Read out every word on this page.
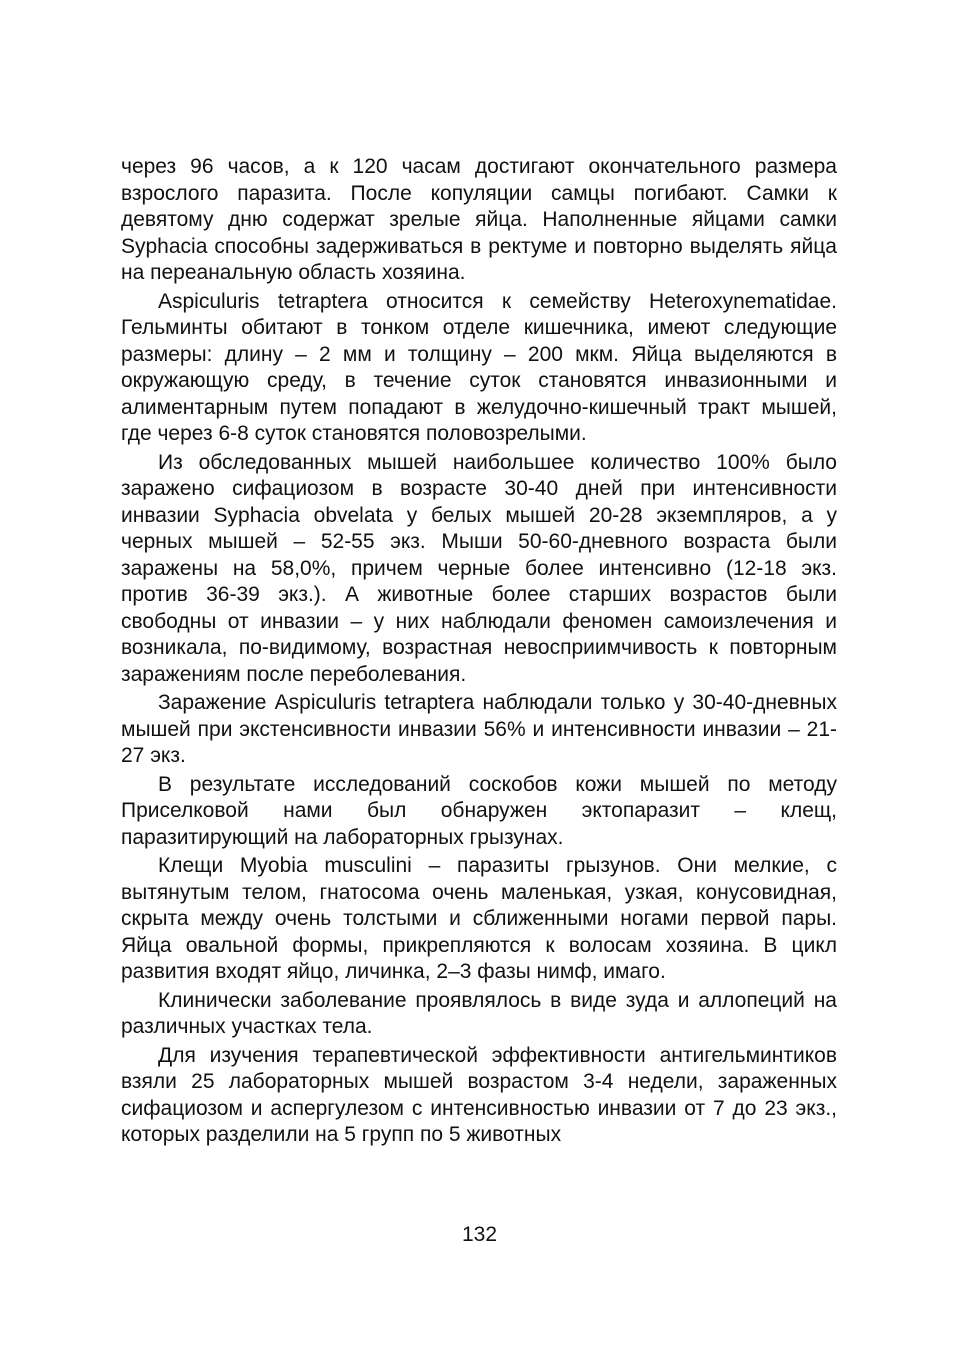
через 96 часов, а к 120 часам достигают окончательного размера взрослого паразита. После копуляции самцы погибают. Самки к девятому дню содержат зрелые яйца. Наполненные яйцами самки Syphacia способны задерживаться в ректуме и повторно выделять яйца на переанальную область хозяина.

Aspiculuris tetraptera относится к семейству Heteroxynematidae. Гельминты обитают в тонком отделе кишечника, имеют следующие размеры: длину – 2 мм и толщину – 200 мкм. Яйца выделяются в окружающую среду, в течение суток становятся инвазионными и алиментарным путем попадают в желудочно-кишечный тракт мышей, где через 6-8 суток становятся половозрелыми.

Из обследованных мышей наибольшее количество 100% было заражено сифациозом в возрасте 30-40 дней при интенсивности инвазии Syphacia obvelata у белых мышей 20-28 экземпляров, а у черных мышей – 52-55 экз. Мыши 50-60-дневного возраста были заражены на 58,0%, причем черные более интенсивно (12-18 экз. против 36-39 экз.). А животные более старших возрастов были свободны от инвазии – у них наблюдали феномен самоизлечения и возникала, по-видимому, возрастная невосприимчивость к повторным заражениям после переболевания.

Заражение Aspiculuris tetraptera наблюдали только у 30-40-дневных мышей при экстенсивности инвазии 56% и интенсивности инвазии – 21-27 экз.

В результате исследований соскобов кожи мышей по методу Приселковой нами был обнаружен эктопаразит – клещ, паразитирующий на лабораторных грызунах.

Клещи Myobia musculini – паразиты грызунов. Они мелкие, с вытянутым телом, гнатосома очень маленькая, узкая, конусовидная, скрыта между очень толстыми и сближенными ногами первой пары. Яйца овальной формы, прикрепляются к волосам хозяина. В цикл развития входят яйцо, личинка, 2–3 фазы нимф, имаго.

Клинически заболевание проявлялось в виде зуда и аллопеций на различных участках тела.

Для изучения терапевтической эффективности антигельминтиков взяли 25 лабораторных мышей возрастом 3-4 недели, зараженных сифациозом и аспергулезом с интенсивностью инвазии от 7 до 23 экз., которых разделили на 5 групп по 5 животных

132
